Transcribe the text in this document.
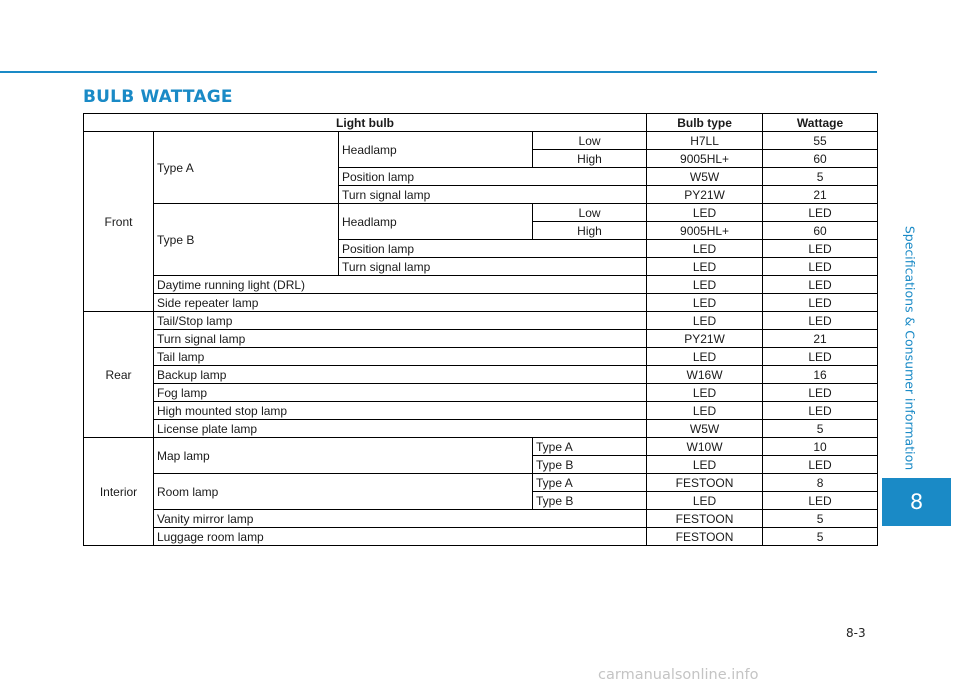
BULB WATTAGE
Specifications & Consumer information
8
Light bulb				Bulb type	Wattage
Front	Type A	Headlamp	Low	H7LL	55
			High	9005HL+	60
		Position lamp		W5W	5
		Turn signal lamp		PY21W	21
	Type B	Headlamp	Low	LED	LED
			High	9005HL+	60
		Position lamp		LED	LED
		Turn signal lamp		LED	LED
	Daytime running light (DRL)			LED	LED
	Side repeater lamp			LED	LED
Rear	Tail/Stop lamp			LED	LED
	Turn signal lamp			PY21W	21
	Tail lamp			LED	LED
	Backup lamp			W16W	16
	Fog lamp			LED	LED
	High mounted stop lamp			LED	LED
	License plate lamp			W5W	5
Interior	Map lamp		Type A	W10W	10
			Type B	LED	LED
	Room lamp		Type A	FESTOON	8
			Type B	LED	LED
	Vanity mirror lamp			FESTOON	5
	Luggage room lamp			FESTOON	5
8-3
carmanualsonline.info
